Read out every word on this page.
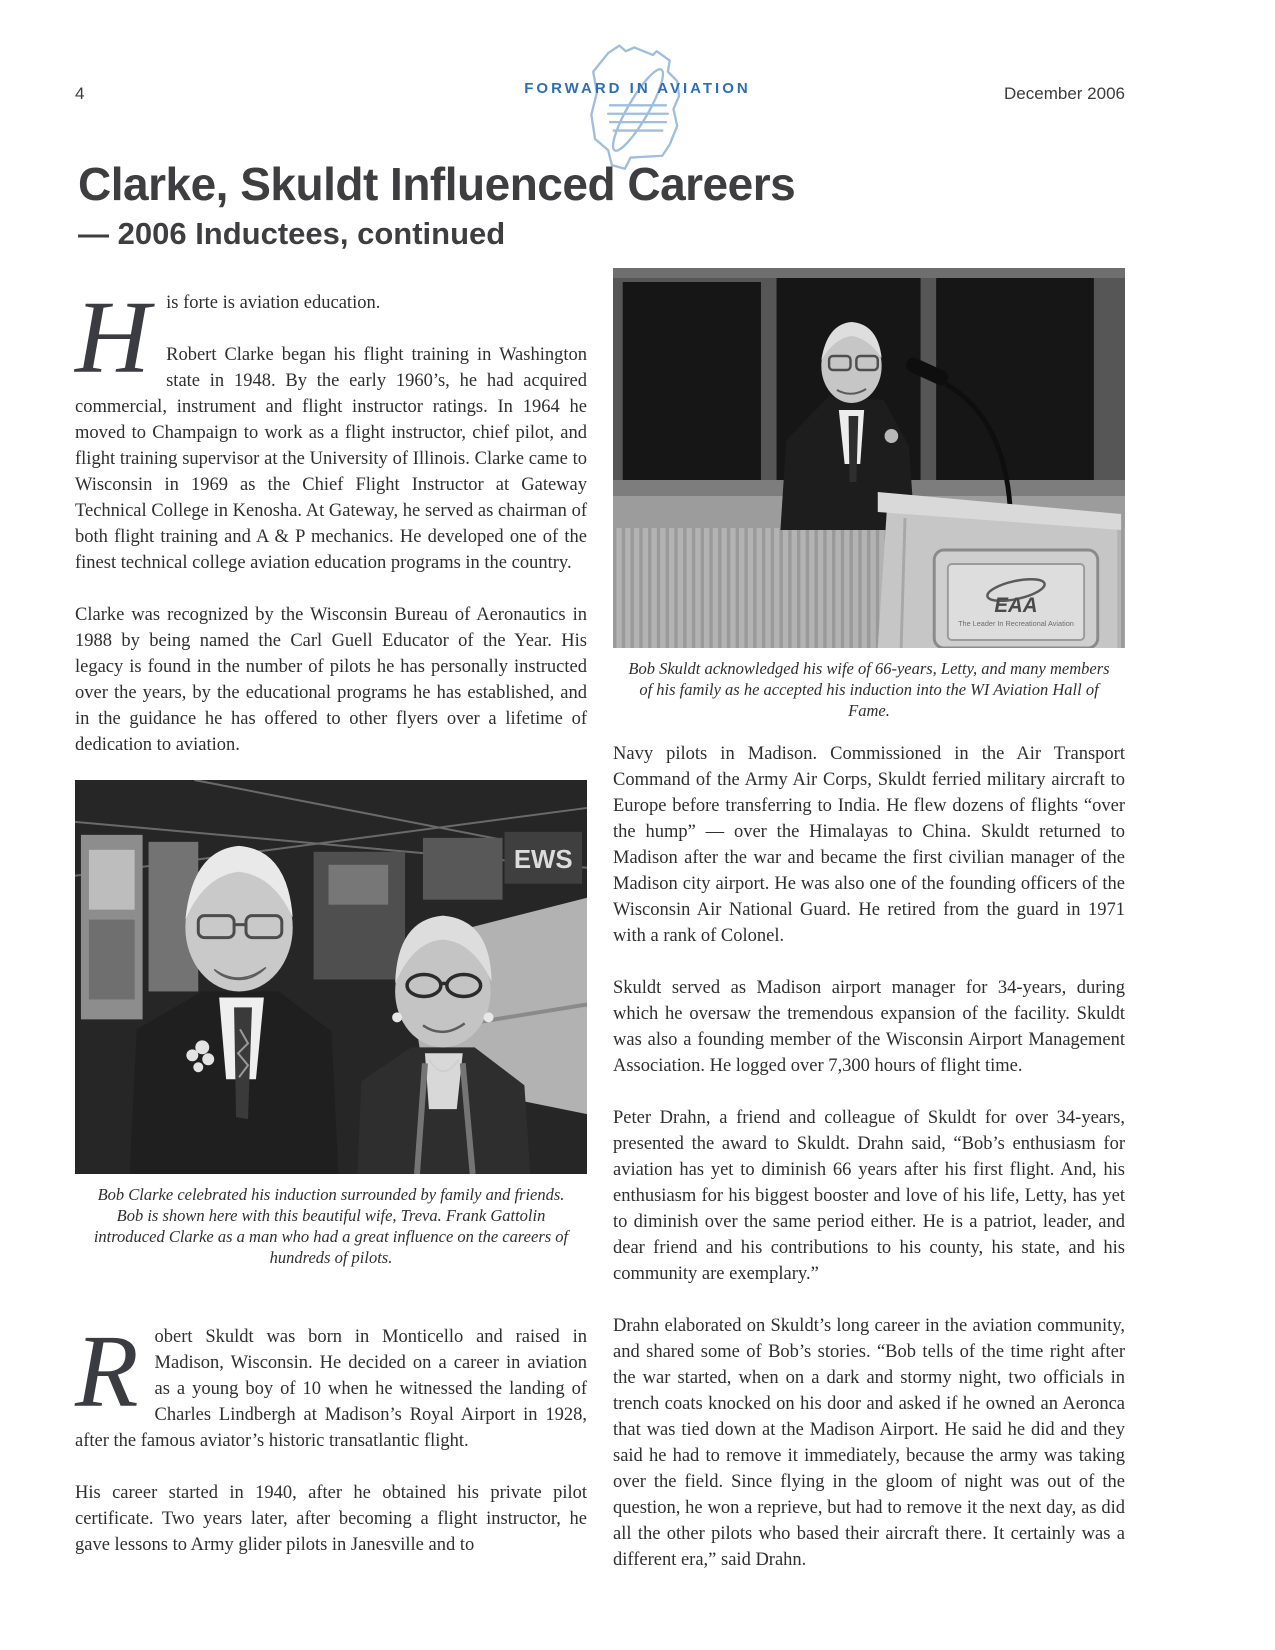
4	FORWARD IN AVIATION	December 2006
Clarke, Skuldt Influenced Careers
— 2006 Inductees, continued
H is forte is aviation education.

Robert Clarke began his flight training in Washington state in 1948. By the early 1960’s, he had acquired commercial, instrument and flight instructor ratings. In 1964 he moved to Champaign to work as a flight instructor, chief pilot, and flight training supervisor at the University of Illinois. Clarke came to Wisconsin in 1969 as the Chief Flight Instructor at Gateway Technical College in Kenosha. At Gateway, he served as chairman of both flight training and A & P mechanics. He developed one of the finest technical college aviation education programs in the country.

Clarke was recognized by the Wisconsin Bureau of Aeronautics in 1988 by being named the Carl Guell Educator of the Year. His legacy is found in the number of pilots he has personally instructed over the years, by the educational programs he has established, and in the guidance he has offered to other flyers over a lifetime of dedication to aviation.

EWS
Bob Clarke celebrated his induction surrounded by family and friends. Bob is shown here with this beautiful wife, Treva. Frank Gattolin introduced Clarke as a man who had a great influence on the careers of hundreds of pilots.
R obert Skuldt was born in Monticello and raised in Madison, Wisconsin. He decided on a career in aviation as a young boy of 10 when he witnessed the landing of Charles Lindbergh at Madison’s Royal Airport in 1928, after the famous aviator’s historic transatlantic flight.

His career started in 1940, after he obtained his private pilot certificate. Two years later, after becoming a flight instructor, he gave lessons to Army glider pilots in Janesville and to

EAA
The Leader In Recreational Aviation
Bob Skuldt acknowledged his wife of 66-years, Letty, and many members of his family as he accepted his induction into the WI Aviation Hall of Fame.

Navy pilots in Madison. Commissioned in the Air Transport Command of the Army Air Corps, Skuldt ferried military aircraft to Europe before transferring to India. He flew dozens of flights “over the hump” — over the Himalayas to China. Skuldt returned to Madison after the war and became the first civilian manager of the Madison city airport. He was also one of the founding officers of the Wisconsin Air National Guard. He retired from the guard in 1971 with a rank of Colonel.

Skuldt served as Madison airport manager for 34-years, during which he oversaw the tremendous expansion of the facility. Skuldt was also a founding member of the Wisconsin Airport Management Association. He logged over 7,300 hours of flight time.

Peter Drahn, a friend and colleague of Skuldt for over 34-years, presented the award to Skuldt. Drahn said, “Bob’s enthusiasm for aviation has yet to diminish 66 years after his first flight. And, his enthusiasm for his biggest booster and love of his life, Letty, has yet to diminish over the same period either. He is a patriot, leader, and dear friend and his contributions to his county, his state, and his community are exemplary.”

Drahn elaborated on Skuldt’s long career in the aviation community, and shared some of Bob’s stories. “Bob tells of the time right after the war started, when on a dark and stormy night, two officials in trench coats knocked on his door and asked if he owned an Aeronca that was tied down at the Madison Airport. He said he did and they said he had to remove it immediately, because the army was taking over the field. Since flying in the gloom of night was out of the question, he won a reprieve, but had to remove it the next day, as did all the other pilots who based their aircraft there. It certainly was a different era,” said Drahn.
